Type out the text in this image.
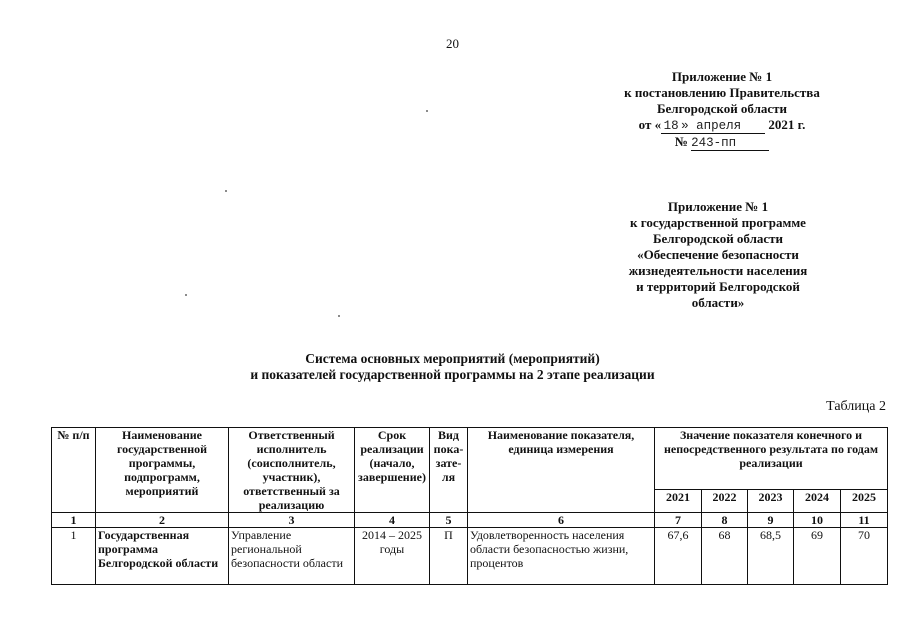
20
Приложение № 1
к постановлению Правительства
Белгородской области
от « 18 » апреля 2021 г.
№ 243-пп
Приложение № 1
к государственной программе
Белгородской области
«Обеспечение безопасности
жизнедеятельности населения
и территорий Белгородской
области»
Система основных мероприятий (мероприятий)
и показателей государственной программы на 2 этапе реализации
Таблица 2
№ п/п	Наименование государственной программы, подпрограмм, мероприятий	Ответственный исполнитель (соисполнитель, участник), ответственный за реализацию	Срок реализации (начало, завершение)	Вид пока-зате-ля	Наименование показателя, единица измерения	Значение показателя конечного и непосредственного результата по годам реализации				
						2021	2022	2023	2024	2025
1	2	3	4	5	6	7	8	9	10	11
1	Государственная программа Белгородской области	Управление региональной безопасности области	2014 – 2025 годы	П	Удовлетворенность населения области безопасностью жизни, процентов	67,6	68	68,5	69	70
